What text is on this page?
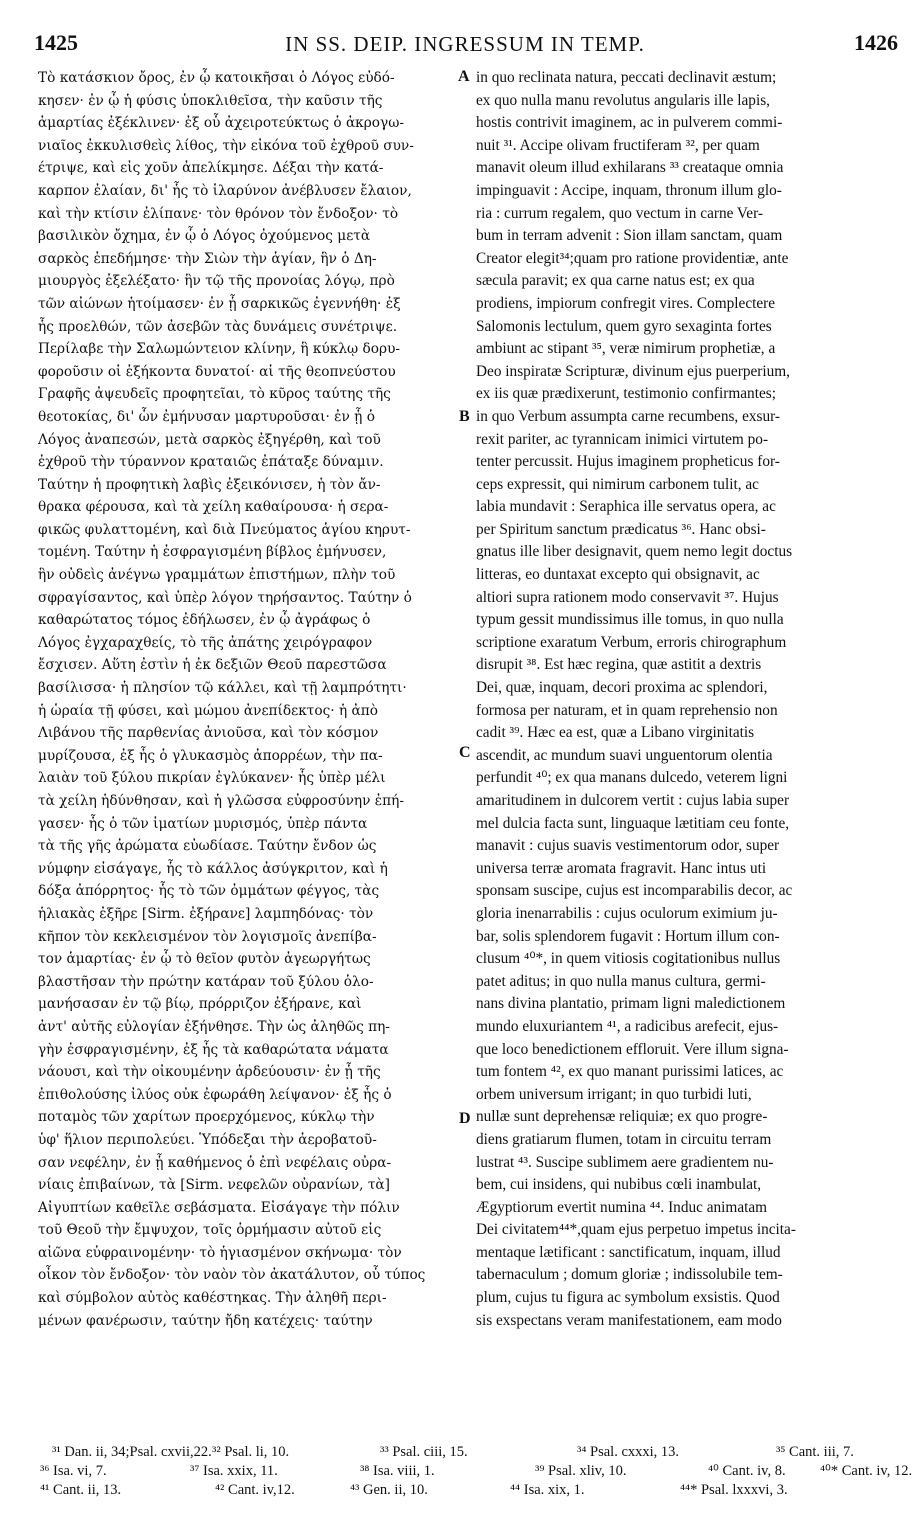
1425	IN SS. DEIP. INGRESSUM IN TEMP.	1426
Τὸ κατάσκιον ὄρος, ἐν ᾧ κατοικῆσαι ὁ Λόγος εὐδό-
κησεν· ἐν ᾧ ἡ φύσις ὑποκλιθεῖσα, τὴν καῦσιν τῆς
ἁμαρτίας ἐξέκλινεν· ἐξ οὗ ἀχειροτεύκτως ὁ ἀκρογω-
νιαῖος ἐκκυλισθεὶς λίθος, τὴν εἰκόνα τοῦ ἐχθροῦ συν-
έτριψε, καὶ εἰς χοῦν ἀπελίκμησε. Δέξαι τὴν κατά-
καρπον ἐλαίαν, δι' ἧς τὸ ἱλαρύνον ἀνέβλυσεν ἔλαιον,
καὶ τὴν κτίσιν ἐλίπανε· τὸν θρόνον τὸν ἔνδοξον· τὸ
βασιλικὸν ὄχημα, ἐν ᾧ ὁ Λόγος ὀχούμενος μετὰ
σαρκὸς ἐπεδήμησε· τὴν Σιὼν τὴν ἁγίαν, ἣν ὁ Δη-
μιουργὸς ἐξελέξατο· ἣν τῷ τῆς προνοίας λόγῳ, πρὸ
τῶν αἰώνων ἡτοίμασεν· ἐν ᾗ σαρκικῶς ἐγεννήθη· ἐξ
ἧς προελθών, τῶν ἀσεβῶν τὰς δυνάμεις συνέτριψε.
Περίλαβε τὴν Σαλωμώντειον κλίνην, ἣ κύκλῳ δορυ-
φοροῦσιν οἱ ἑξήκοντα δυνατοί· αἱ τῆς θεοπνεύστου
Γραφῆς ἀψευδεῖς προφητεῖαι, τὸ κῦρος ταύτης τῆς
θεοτοκίας, δι' ὧν ἐμήνυσαν μαρτυροῦσαι· ἐν ᾗ ὁ
Λόγος ἀναπεσών, μετὰ σαρκὸς ἐξηγέρθη, καὶ τοῦ
ἐχθροῦ τὴν τύραννον κραταιῶς ἐπάταξε δύναμιν.
Ταύτην ἡ προφητικὴ λαβὶς ἐξεικόνισεν, ἡ τὸν ἄν-
θρακα φέρουσα, καὶ τὰ χείλη καθαίρουσα· ἡ σερα-
φικῶς φυλαττομένη, καὶ διὰ Πνεύματος ἁγίου κηρυτ-
τομένη. Ταύτην ἡ ἐσφραγισμένη βίβλος ἐμήνυσεν,
ἣν οὐδεὶς ἀνέγνω γραμμάτων ἐπιστήμων, πλὴν τοῦ
σφραγίσαντος, καὶ ὑπὲρ λόγον τηρήσαντος. Ταύτην ὁ
καθαρώτατος τόμος ἐδήλωσεν, ἐν ᾧ ἀγράφως ὁ
Λόγος ἐγχαραχθείς, τὸ τῆς ἀπάτης χειρόγραφον
ἔσχισεν. Αὕτη ἐστὶν ἡ ἐκ δεξιῶν Θεοῦ παρεστῶσα
βασίλισσα· ἡ πλησίον τῷ κάλλει, καὶ τῇ λαμπρότητι·
ἡ ὡραία τῇ φύσει, καὶ μώμου ἀνεπίδεκτος· ἡ ἀπὸ
Λιβάνου τῆς παρθενίας ἀνιοῦσα, καὶ τὸν κόσμον
μυρίζουσα, ἐξ ἧς ὁ γλυκασμὸς ἀπορρέων, τὴν πα-
λαιὰν τοῦ ξύλου πικρίαν ἐγλύκανεν· ἧς ὑπὲρ μέλι
τὰ χείλη ἡδύνθησαν, καὶ ἡ γλῶσσα εὐφροσύνην ἐπή-
γασεν· ἧς ὁ τῶν ἱματίων μυρισμός, ὑπὲρ πάντα
τὰ τῆς γῆς ἀρώματα εὐωδίασε. Ταύτην ἔνδον ὡς
νύμφην εἰσάγαγε, ἧς τὸ κάλλος ἀσύγκριτον, καὶ ἡ
δόξα ἀπόρρητος· ἧς τὸ τῶν ὀμμάτων φέγγος, τὰς
ἡλιακὰς ἐξῆρε [Sirm. ἐξήρανε] λαμπηδόνας· τὸν
κῆπον τὸν κεκλεισμένον τὸν λογισμοῖς ἀνεπίβα-
τον ἁμαρτίας· ἐν ᾧ τὸ θεῖον φυτὸν ἀγεωργήτως
βλαστῆσαν τὴν πρώτην κατάραν τοῦ ξύλου ὁλο-
μανήσασαν ἐν τῷ βίῳ, πρόρριζον ἐξήρανε, καὶ
ἀντ' αὐτῆς εὐλογίαν ἐξήνθησε. Τὴν ὡς ἀληθῶς πη-
γὴν ἐσφραγισμένην, ἐξ ἧς τὰ καθαρώτατα νάματα
νάουσι, καὶ τὴν οἰκουμένην ἀρδεύουσιν· ἐν ᾗ τῆς
ἐπιθολούσης ἰλύος οὐκ ἐφωράθη λείψανον· ἐξ ἧς ὁ
ποταμὸς τῶν χαρίτων προερχόμενος, κύκλῳ τὴν
ὑφ' ἥλιον περιπολεύει. Ὑπόδεξαι τὴν ἀεροβατοῦ-
σαν νεφέλην, ἐν ᾗ καθήμενος ὁ ἐπὶ νεφέλαις οὐρα-
νίαις ἐπιβαίνων, τὰ [Sirm. νεφελῶν οὐρανίων, τὰ]
Αἰγυπτίων καθεῖλε σεβάσματα. Εἰσάγαγε τὴν πόλιν
τοῦ Θεοῦ τὴν ἔμψυχον, τοῖς ὁρμήμασιν αὐτοῦ εἰς
αἰῶνα εὐφραινομένην· τὸ ἡγιασμένον σκήνωμα· τὸν
οἶκον τὸν ἔνδοξον· τὸν ναὸν τὸν ἀκατάλυτον, οὗ τύπος
καὶ σύμβολον αὐτὸς καθέστηκας. Τὴν ἀληθῆ περι-
μένων φανέρωσιν, ταύτην ἤδη κατέχεις· ταύτην
in quo reclinata natura, peccati declinavit æstum;
ex quo nulla manu revolutus angularis ille lapis,
hostis contrivit imaginem, ac in pulverem commi-
nuit ³¹. Accipe olivam fructiferam ³², per quam
manavit oleum illud exhilarans ³³ creataque omnia
impinguavit : Accipe, inquam, thronum illum glo-
ria : currum regalem, quo vectum in carne Ver-
bum in terram advenit : Sion illam sanctam, quam
Creator elegit³⁴;quam pro ratione providentiæ, ante
sæcula paravit; ex qua carne natus est; ex qua
prodiens, impiorum confregit vires. Complectere
Salomonis lectulum, quem gyro sexaginta fortes
ambiunt ac stipant ³⁵, veræ nimirum prophetiæ, a
Deo inspiratæ Scripturæ, divinum ejus puerperium,
ex iis quæ prædixerunt, testimonio confirmantes;
in quo Verbum assumpta carne recumbens, exsur-
rexit pariter, ac tyrannicam inimici virtutem po-
tenter percussit. Hujus imaginem propheticus for-
ceps expressit, qui nimirum carbonem tulit, ac
labia mundavit : Seraphica ille servatus opera, ac
per Spiritum sanctum prædicatus ³⁶. Hanc obsi-
gnatus ille liber designavit, quem nemo legit doctus
litteras, eo duntaxat excepto qui obsignavit, ac
altiori supra rationem modo conservavit ³⁷. Hujus
typum gessit mundissimus ille tomus, in quo nulla
scriptione exaratum Verbum, erroris chirographum
disrupit ³⁸. Est hæc regina, quæ astitit a dextris
Dei, quæ, inquam, decori proxima ac splendori,
formosa per naturam, et in quam reprehensio non
cadit ³⁹. Hæc ea est, quæ a Libano virginitatis
ascendit, ac mundum suavi unguentorum olentia
perfundit ⁴⁰; ex qua manans dulcedo, veterem ligni
amaritudinem in dulcorem vertit : cujus labia super
mel dulcia facta sunt, linguaque lætitiam ceu fonte,
manavit : cujus suavis vestimentorum odor, super
universa terræ aromata fragravit. Hanc intus uti
sponsam suscipe, cujus est incomparabilis decor, ac
gloria inenarrabilis : cujus oculorum eximium ju-
bar, solis splendorem fugavit : Hortum illum con-
clusum ⁴⁰*, in quem vitiosis cogitationibus nullus
patet aditus; in quo nulla manus cultura, germi-
nans divina plantatio, primam ligni maledictionem
mundo eluxuriantem ⁴¹, a radicibus arefecit, ejus-
que loco benedictionem effloruit. Vere illum signa-
tum fontem ⁴², ex quo manant purissimi latices, ac
orbem universum irrigant; in quo turbidi luti,
nullæ sunt deprehensæ reliquiæ; ex quo progre-
diens gratiarum flumen, totam in circuitu terram
lustrat ⁴³. Suscipe sublimem aere gradientem nu-
bem, cui insidens, qui nubibus cœli inambulat,
Ægyptiorum evertit numina ⁴⁴. Induc animatam
Dei civitatem⁴⁴*,quam ejus perpetuo impetus incita-
mentaque lætificant : sanctificatum, inquam, illud
tabernaculum ; domum gloriæ ; indissolubile tem-
plum, cujus tu figura ac symbolum exsistis. Quod
sis exspectans veram manifestationem, eam modo
A
B
C
D
³¹ Dan. ii, 34;Psal. cxvii,22. ³² Psal. li, 10.	³³ Psal. ciii, 15.	³⁴ Psal. cxxxi, 13.	³⁵ Cant. iii, 7.
³⁶ Isa. vi, 7.	³⁷ Isa. xxix, 11.	³⁸ Isa. viii, 1.	³⁹ Psal. xliv, 10.	⁴⁰ Cant. iv, 8. ⁴⁰* Cant. iv, 12.
⁴¹ Cant. ii, 13.	⁴² Cant. iv,12.	⁴³ Gen. ii, 10.	⁴⁴ Isa. xix, 1.	⁴⁴* Psal. lxxxvi, 3.
